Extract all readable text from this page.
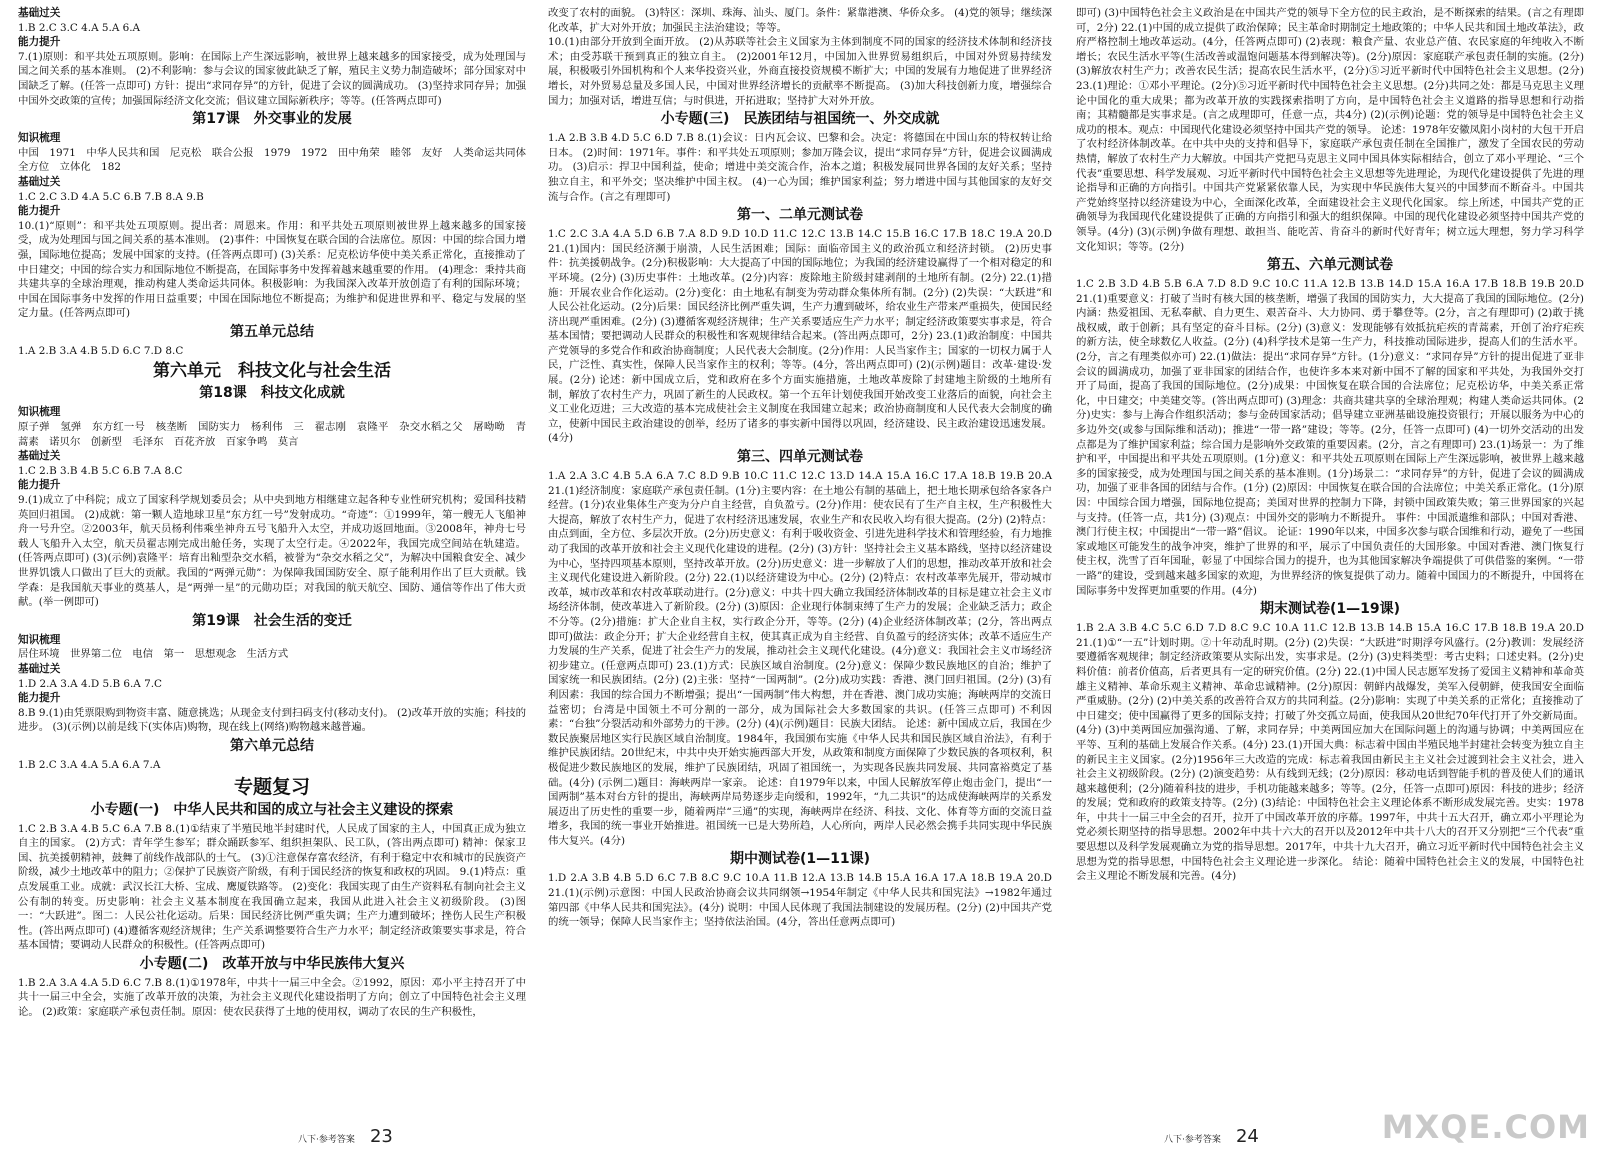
基础过关

1.B 2.C 3.C 4.A 5.A 6.A

能力提升

7.(1)原则：和平共处五项原则。影响：在国际上产生深远影响，被世界上越来越多的国家接受，成为处理国与国之间关系的基本准则。 (2)不利影响：参与会议的国家彼此缺乏了解，殖民主义势力制造破坏；部分国家对中国缺乏了解。(任答一点即可) 方针：提出“求同存异”的方针，促进了会议的圆满成功。 (3)坚持求同存异；加强中国外交政策的宣传；加强国际经济文化交流；倡议建立国际新秩序；等等。(任答两点即可)

第17课　外交事业的发展

知识梳理

中国　1971　中华人民共和国　尼克松　联合公报　1979　1972　田中角荣　睦邻　友好　人类命运共同体　全方位　立体化　182

基础过关

1.C 2.C 3.D 4.A 5.C 6.B 7.B 8.A 9.B

能力提升

10.(1)“原则”：和平共处五项原则。提出者：周恩来。作用：和平共处五项原则被世界上越来越多的国家接受，成为处理国与国之间关系的基本准则。 (2)事件：中国恢复在联合国的合法席位。原因：中国的综合国力增强，国际地位提高；发展中国家的支持。(任答两点即可) (3)关系：尼克松访华使中美关系正常化，直接推动了中日建交；中国的综合实力和国际地位不断提高，在国际事务中发挥着越来越重要的作用。 (4)理念：秉持共商共建共享的全球治理观，推动构建人类命运共同体。积极影响：为我国深入改革开放创造了有利的国际环境；中国在国际事务中发挥的作用日益重要；中国在国际地位不断提高；为维护和促进世界和平、稳定与发展的坚定力量。(任答两点即可)

第五单元总结

1.A 2.B 3.A 4.B 5.D 6.C 7.D 8.C

第六单元　科技文化与社会生活
第18课　科技文化成就

知识梳理

原子弹　氢弹　东方红一号　核垄断　国防实力　杨利伟　三　翟志刚　袁隆平　杂交水稻之父　屠呦呦　青蒿素　诺贝尔　创新型　毛泽东　百花齐放　百家争鸣　莫言

基础过关

1.C 2.B 3.B 4.B 5.C 6.B 7.A 8.C

能力提升

9.(1)成立了中科院；成立了国家科学规划委员会；从中央到地方相继建立起各种专业性研究机构；爱国科技精英回归祖国。 (2)成就：第一颗人造地球卫星“东方红一号”发射成功。“奇迹”：①1999年，第一艘无人飞船神舟一号升空。②2003年，航天员杨利伟乘坐神舟五号飞船升入太空，并成功返回地面。③2008年，神舟七号载人飞船升入太空，航天员翟志刚完成出舱任务，实现了太空行走。④2022年，我国完成空间站在轨建造。(任答两点即可) (3)(示例)袁隆平：培育出籼型杂交水稻，被誉为“杂交水稻之父”，为解决中国粮食安全、减少世界饥饿人口做出了巨大的贡献。我国的“两弹元勋”：为保障我国国防安全、原子能利用作出了巨大贡献。钱学森：是我国航天事业的奠基人，是“两弹一星”的元勋功臣；对我国的航天航空、国防、通信等作出了伟大贡献。(举一例即可)

第19课　社会生活的变迁

知识梳理

居住环境　世界第二位　电信　第一　思想观念　生活方式

基础过关

1.D 2.A 3.A 4.D 5.B 6.A 7.C

能力提升

8.B 9.(1)由凭票限购到物资丰富、随意挑选；从现金支付到扫码支付(移动支付)。 (2)改革开放的实施；科技的进步。 (3)(示例)以前是线下(实体店)购物，现在线上(网络)购物越来越普遍。

第六单元总结

1.B 2.C 3.A 4.A 5.A 6.A 7.A

专题复习
小专题(一)　中华人民共和国的成立与社会主义建设的探索

1.C 2.B 3.A 4.B 5.C 6.A 7.B 8.(1)①结束了半殖民地半封建时代，人民成了国家的主人，中国真正成为独立自主的国家。 (2)方式：青年学生参军；群众踊跃参军、组织担架队、民工队，(答出两点即可) 精神：保家卫国、抗美援朝精神，鼓舞了前线作战部队的士气。 (3)①注意保存富农经济，有利于稳定中农和城市的民族资产阶级，减少土地改革中的阻力；②保护了民族资产阶级，有利于国民经济的恢复和政权的巩固。 9.(1)特点：重点发展重工业。成就：武汉长江大桥、宝成、鹰厦铁路等。 (2)变化：我国实现了由生产资料私有制向社会主义公有制的转变。历史影响：社会主义基本制度在我国确立起来，我国从此进入社会主义初级阶段。 (3)图一：“大跃进”。图二：人民公社化运动。后果：国民经济比例严重失调；生产力遭到破坏；挫伤人民生产积极性。(答出两点即可) (4)遵循客观经济规律；生产关系调整要符合生产力水平；制定经济政策要实事求是，符合基本国情；要调动人民群众的积极性。(任答两点即可)

小专题(二)　改革开放与中华民族伟大复兴

1.B 2.A 3.A 4.A 5.D 6.C 7.B 8.(1)①1978年，中共十一届三中全会。②1992，原因：邓小平主持召开了中共十一届三中全会，实施了改革开放的决策，为社会主义现代化建设指明了方向；创立了中国特色社会主义理论。 (2)政策：家庭联产承包责任制。原因：使农民获得了土地的使用权，调动了农民的生产积极性，

改变了农村的面貌。 (3)特区：深圳、珠海、汕头、厦门。条件：紧靠港澳、华侨众多。 (4)党的领导；继续深化改革，扩大对外开放；加强民主法治建设；等等。

10.(1)由部分开放到全面开放。 (2)从苏联等社会主义国家为主体到制度不同的国家的经济技术体制和经济技术；由受苏联干预到真正的独立自主。 (2)2001年12月，中国加入世界贸易组织后，中国对外贸易持续发展，积极吸引外国机构和个人来华投资兴业，外商直接投资规模不断扩大；中国的发展有力地促进了世界经济增长，对外贸易总量及多国人民，中国对世界经济增长的贡献率不断提高。 (3)加大科技创新力度，增强综合国力；加强对话，增进互信；与时俱进，开拓进取；坚持扩大对外开放。

小专题(三)　民族团结与祖国统一、外交成就

1.A 2.B 3.B 4.D 5.C 6.D 7.B 8.(1)会议：日内瓦会议、巴黎和会。决定：将德国在中国山东的特权转让给日本。 (2)时间：1971年。事件：和平共处五项原则；参加万隆会议，提出“求同存异”方针，促进会议圆满成功。 (3)启示：捍卫中国利益，使命；增进中美交流合作，治本之道；积极发展同世界各国的友好关系；坚持独立自主，和平外交；坚决维护中国主权。 (4)一心为国；维护国家利益；努力增进中国与其他国家的友好交流与合作。(言之有理即可)

第一、二单元测试卷

1.C 2.C 3.A 4.A 5.D 6.B 7.A 8.D 9.D 10.D 11.C 12.C 13.B 14.C 15.B 16.C 17.B 18.C 19.A 20.D 21.(1)国内：国民经济濒于崩溃，人民生活困难；国际：面临帝国主义的政治孤立和经济封锁。 (2)历史事件：抗美援朝战争。(2分)积极影响：大大提高了中国的国际地位；为我国的经济建设赢得了一个相对稳定的和平环境。(2分) (3)历史事件：土地改革。(2分)内容：废除地主阶级封建剥削的土地所有制。(2分) 22.(1)措施：开展农业合作化运动。(2分)变化：由土地私有制变为劳动群众集体所有制。(2分) (2)失误：“大跃进”和人民公社化运动。(2分)后果：国民经济比例严重失调，生产力遭到破坏，给农业生产带来严重损失，使国民经济出现严重困难。(2分) (3)遵循客观经济规律；生产关系要适应生产力水平；制定经济政策要实事求是，符合基本国情；要把调动人民群众的积极性和客观规律结合起来。(答出两点即可，2分) 23.(1)政治制度：中国共产党领导的多党合作和政治协商制度；人民代表大会制度。(2分)作用：人民当家作主；国家的一切权力属于人民，广泛性、真实性，保障人民当家作主的权利；等等。(4分，答出两点即可) (2)(示例)题目：改革·建设·发展。(2分) 论述：新中国成立后，党和政府在多个方面实施措施，土地改革废除了封建地主阶级的土地所有制，解放了农村生产力，巩固了新生的人民政权。第一个五年计划使我国开始改变工业落后的面貌，向社会主义工业化迈进；三大改造的基本完成使社会主义制度在我国建立起来；政治协商制度和人民代表大会制度的确立，使新中国民主政治建设的创举，经历了诸多的事实新中国得以巩固，经济建设、民主政治建设迅速发展。(4分)

第三、四单元测试卷

1.A 2.A 3.C 4.B 5.A 6.A 7.C 8.D 9.B 10.C 11.C 12.C 13.D 14.A 15.A 16.C 17.A 18.B 19.B 20.A 21.(1)经济制度：家庭联产承包责任制。(1分)主要内容：在土地公有制的基础上，把土地长期承包给各家各户经营。(1分)农业集体生产变为分户自主经营，自负盈亏。(2分)作用：使农民有了生产自主权，生产积极性大大提高，解放了农村生产力，促进了农村经济迅速发展，农业生产和农民收入均有很大提高。(2分) (2)特点：由点到面，全方位、多层次开放。(2分)历史意义：有利于吸收资金、引进先进科学技术和管理经验，有力地推动了我国的改革开放和社会主义现代化建设的进程。(2分) (3)方针：坚持社会主义基本路线，坚持以经济建设为中心，坚持四项基本原则，坚持改革开放。(2分)历史意义：进一步解放了人们的思想，推动改革开放和社会主义现代化建设进入新阶段。(2分) 22.(1)以经济建设为中心。(2分) (2)特点：农村改革率先展开，带动城市改革，城市改革和农村改革联动进行。(2分)意义：中共十四大确立我国经济体制改革的目标是建立社会主义市场经济体制，使改革进入了新阶段。(2分) (3)原因：企业现行体制束缚了生产力的发展；企业缺乏活力；政企不分等。(2分)措施：扩大企业自主权，实行政企分开，等等。(2分) (4)企业经济体制改革；(2分，答出两点即可)做法：政企分开；扩大企业经营自主权，使其真正成为自主经营、自负盈亏的经济实体；改革不适应生产力发展的生产关系，促进了社会生产力的发展，推动社会主义现代化建设。(4分)意义：我国社会主义市场经济初步建立。(任意两点即可) 23.(1)方式：民族区域自治制度。(2分)意义：保障少数民族地区的自治；维护了国家统一和民族团结。(2分) (2)主张：坚持“一国两制”。(2分)成功实践：香港、澳门回归祖国。(2分) (3)有利因素：我国的综合国力不断增强；提出“一国两制”伟大构想，并在香港、澳门成功实施；海峡两岸的交流日益密切；台湾是中国领土不可分割的一部分，成为国际社会大多数国家的共识。(任答三点即可) 不利因素：“台独”分裂活动和外部势力的干涉。(2分) (4)(示例)题目：民族大团结。 论述：新中国成立后，我国在少数民族聚居地区实行民族区域自治制度。1984年，我国颁布实施《中华人民共和国民族区域自治法》，有利于维护民族团结。20世纪末，中共中央开始实施西部大开发，从政策和制度方面保障了少数民族的各项权利，积极促进少数民族地区的发展，维护了民族团结，巩固了祖国统一，为实现各民族共同发展、共同富裕奠定了基础。(4分) (示例二)题目：海峡两岸一家亲。 论述：自1979年以来，中国人民解放军停止炮击金门，提出“一国两制”基本对台方针的提出，海峡两岸局势逐步走向缓和，1992年，“九二共识”的达成使海峡两岸的关系发展迈出了历史性的重要一步，随着两岸“三通”的实现，海峡两岸在经济、科技、文化、体育等方面的交流日益增多，我国的统一事业开始推进。祖国统一已是大势所趋，人心所向，两岸人民必然会携手共同实现中华民族伟大复兴。(4分)

期中测试卷(1—11课)

1.D 2.A 3.B 4.B 5.D 6.C 7.B 8.C 9.C 10.A 11.B 12.A 13.B 14.B 15.A 16.A 17.A 18.B 19.A 20.D 21.(1)(示例)示意图：中国人民政治协商会议共同纲领→1954年制定《中华人民共和国宪法》→1982年通过第四部《中华人民共和国宪法》。(4分) 说明：中国人民体现了我国法制建设的发展历程。(2分) (2)中国共产党的统一领导；保障人民当家作主；坚持依法治国。(4分，答出任意两点即可)

即可) (3)中国特色社会主义政治是在中国共产党的领导下全方位的民主政治，是不断探索的结果。(言之有理即可，2分) 22.(1)中国的成立提供了政治保障；民主革命时期制定土地政策的；中华人民共和国土地改革法》，政府严格控制土地改革运动。(4分，任答两点即可) (2)表现：粮食产量、农业总产值、农民家庭的年纯收入不断增长；农民生活水平等(生活改善或温饱问题基本得到解决等)。(2分)原因：家庭联产承包责任制的实施。(2分) (3)解放农村生产力；改善农民生活；提高农民生活水平，(2分)⑤习近平新时代中国特色社会主义思想。(2分) 23.(1)理论：①邓小平理论。(2分)⑤习近平新时代中国特色社会主义思想。(2分)共同之处：都是马克思主义理论中国化的重大成果；都为改革开放的实践探索指明了方向，是中国特色社会主义道路的指导思想和行动指南；其精髓都是实事求是。(言之成理即可，任意一点，共4分) (2)(示例)论题：党的领导是中国特色社会主义成功的根本。观点：中国现代化建设必须坚持中国共产党的领导。 论述：1978年安徽凤阳小岗村的大包干开启了农村经济体制改革。在中共中央的支持和倡导下，家庭联产承包责任制在全国推广，激发了全国农民的劳动热情，解放了农村生产力大解放。中国共产党把马克思主义同中国具体实际相结合，创立了邓小平理论、“三个代表”重要思想、科学发展观、习近平新时代中国特色社会主义思想等先进理论，为现代化建设提供了先进的理论指导和正确的方向指引。中国共产党紧紧依靠人民，为实现中华民族伟大复兴的中国梦而不断奋斗。中国共产党始终坚持以经济建设为中心，全面深化改革，全面建设社会主义现代化国家。 综上所述，中国共产党的正确领导为我国现代化建设提供了正确的方向指引和强大的组织保障。中国的现代化建设必须坚持中国共产党的领导。(4分) (3)(示例)争做有理想、敢担当、能吃苦、肯奋斗的新时代好青年；树立远大理想，努力学习科学文化知识；等等。(2分)

第五、六单元测试卷

1.C 2.B 3.D 4.B 5.B 6.A 7.D 8.D 9.C 10.C 11.A 12.B 13.B 14.D 15.A 16.A 17.B 18.B 19.B 20.D 21.(1)重要意义：打破了当时有核大国的核垄断，增强了我国的国防实力，大大提高了我国的国际地位。(2分)内涵：热爱祖国、无私奉献、自力更生、艰苦奋斗、大力协同、勇于攀登等。(2分，言之有理即可) (2)敢于挑战权威，敢于创新；具有坚定的奋斗目标。(2分) (3)意义：发现能够有效抵抗疟疾的青蒿素，开创了治疗疟疾的新方法，使全球数亿人收益。(2分) (4)科学技术是第一生产力，科技推动国际进步，提高人们的生活水平。(2分，言之有理类似亦可) 22.(1)做法：提出“求同存异”方针。(1分)意义：“求同存异”方针的提出促进了亚非会议的圆满成功，加强了亚非国家的团结合作，也使许多本来对新中国不了解的国家和平共处，为我国外交打开了局面，提高了我国的国际地位。(2分)成果：中国恢复在联合国的合法席位；尼克松访华，中美关系正常化，中日建交；中美建交等。(答出两点即可) (3)理念：共商共建共享的全球治理观；构建人类命运共同体。(2分)史实：参与上海合作组织活动；参与金砖国家活动；倡导建立亚洲基础设施投资银行；开展以服务为中心的多边外交(或参与国际维和活动)；推进“一带一路”建设；等等。(2分，任答一点即可) (4)一切外交活动的出发点都是为了维护国家利益；综合国力是影响外交政策的重要因素。(2分，言之有理即可) 23.(1)场景一：为了维护和平，中国提出和平共处五项原则。(1分)意义：和平共处五项原则在国际上产生深远影响，被世界上越来越多的国家接受，成为处理国与国之间关系的基本准则。(1分)场景二：“求同存异”的方针，促进了会议的圆满成功，加强了亚非各国的团结与合作。(1分) (2)原因：中国恢复在联合国的合法席位；中美关系正常化。(1分)原因：中国综合国力增强，国际地位提高；美国对世界的控制力下降，封锁中国政策失败；第三世界国家的兴起与支持。(任答一点，共1分) (3)观点：中国外交的影响力不断提升。 事件：中国派遣维和部队；中国对香港、澳门行使主权；中国提出“一带一路”倡议。 论证：1990年以来，中国多次参与联合国维和行动，避免了一些国家或地区可能发生的战争冲突，维护了世界的和平，展示了中国负责任的大国形象。中国对香港、澳门恢复行使主权，洗雪了百年国耻，彰显了中国综合国力的提升，也为其他国家解决争端提供了可供借鉴的案例。“一带一路”的建设，受到越来越多国家的欢迎，为世界经济的恢复提供了动力。随着中国国力的不断提升，中国将在国际事务中发挥更加重要的作用。(4分)

期末测试卷(1—19课)

1.B 2.A 3.B 4.C 5.C 6.D 7.D 8.C 9.C 10.A 11.C 12.B 13.B 14.B 15.A 16.C 17.B 18.B 19.A 20.D 21.(1)①“一五”计划时期。②十年动乱时期。(2分) (2)失误：“大跃进”时期浮夸风盛行。(2分)教训：发展经济要遵循客观规律；制定经济政策要从实际出发，实事求是。(2分) (3)史料类型：考古史料；口述史料。(2分)史料价值：前者价值高，后者更具有一定的研究价值。(2分) 22.(1)中国人民志愿军发扬了爱国主义精神和革命英雄主义精神、革命乐观主义精神、革命忠诚精神。(2分)原因：朝鲜内战爆发，美军入侵朝鲜，使我国安全面临严重威胁。(2分) (2)中美关系的改善符合双方的共同利益。(2分)影响：实现了中美关系的正常化；直接推动了中日建交；使中国赢得了更多的国际支持；打破了外交孤立局面，使我国从20世纪70年代打开了外交新局面。(4分) (3)中美两国应加强沟通、了解，求同存异；中美两国应加大在国际问题上的沟通与协调；中美两国应在平等、互利的基础上发展合作关系。(4分) 23.(1)开国大典：标志着中国由半殖民地半封建社会转变为独立自主的新民主主义国家。(2分)1956年三大改造的完成：标志着我国由新民主主义社会过渡到社会主义社会，进入社会主义初级阶段。(2分) (2)演变趋势：从有线到无线；(2分)原因：移动电话到智能手机的普及使人们的通讯越来越便利；(2分)随着科技的进步，手机功能越来越多；等等。(2分，任答一点即可)原因：科技的进步；经济的发展；党和政府的政策支持等。(2分) (3)结论：中国特色社会主义理论体系不断形成发展完善。史实：1978年，中共十一届三中全会的召开，拉开了中国改革开放的序幕。1997年，中共十五大召开，确立邓小平理论为党必须长期坚持的指导思想。2002年中共十六大的召开以及2012年中共十八大的召开又分别把“三个代表”重要思想以及科学发展观确立为党的指导思想。2017年，中共十九大召开，确立习近平新时代中国特色社会主义思想为党的指导思想，中国特色社会主义理论进一步深化。 结论：随着中国特色社会主义的发展，中国特色社会主义理论不断发展和完善。(4分)

八下·参考答案 23	八下·参考答案 24	MXQE.COM
